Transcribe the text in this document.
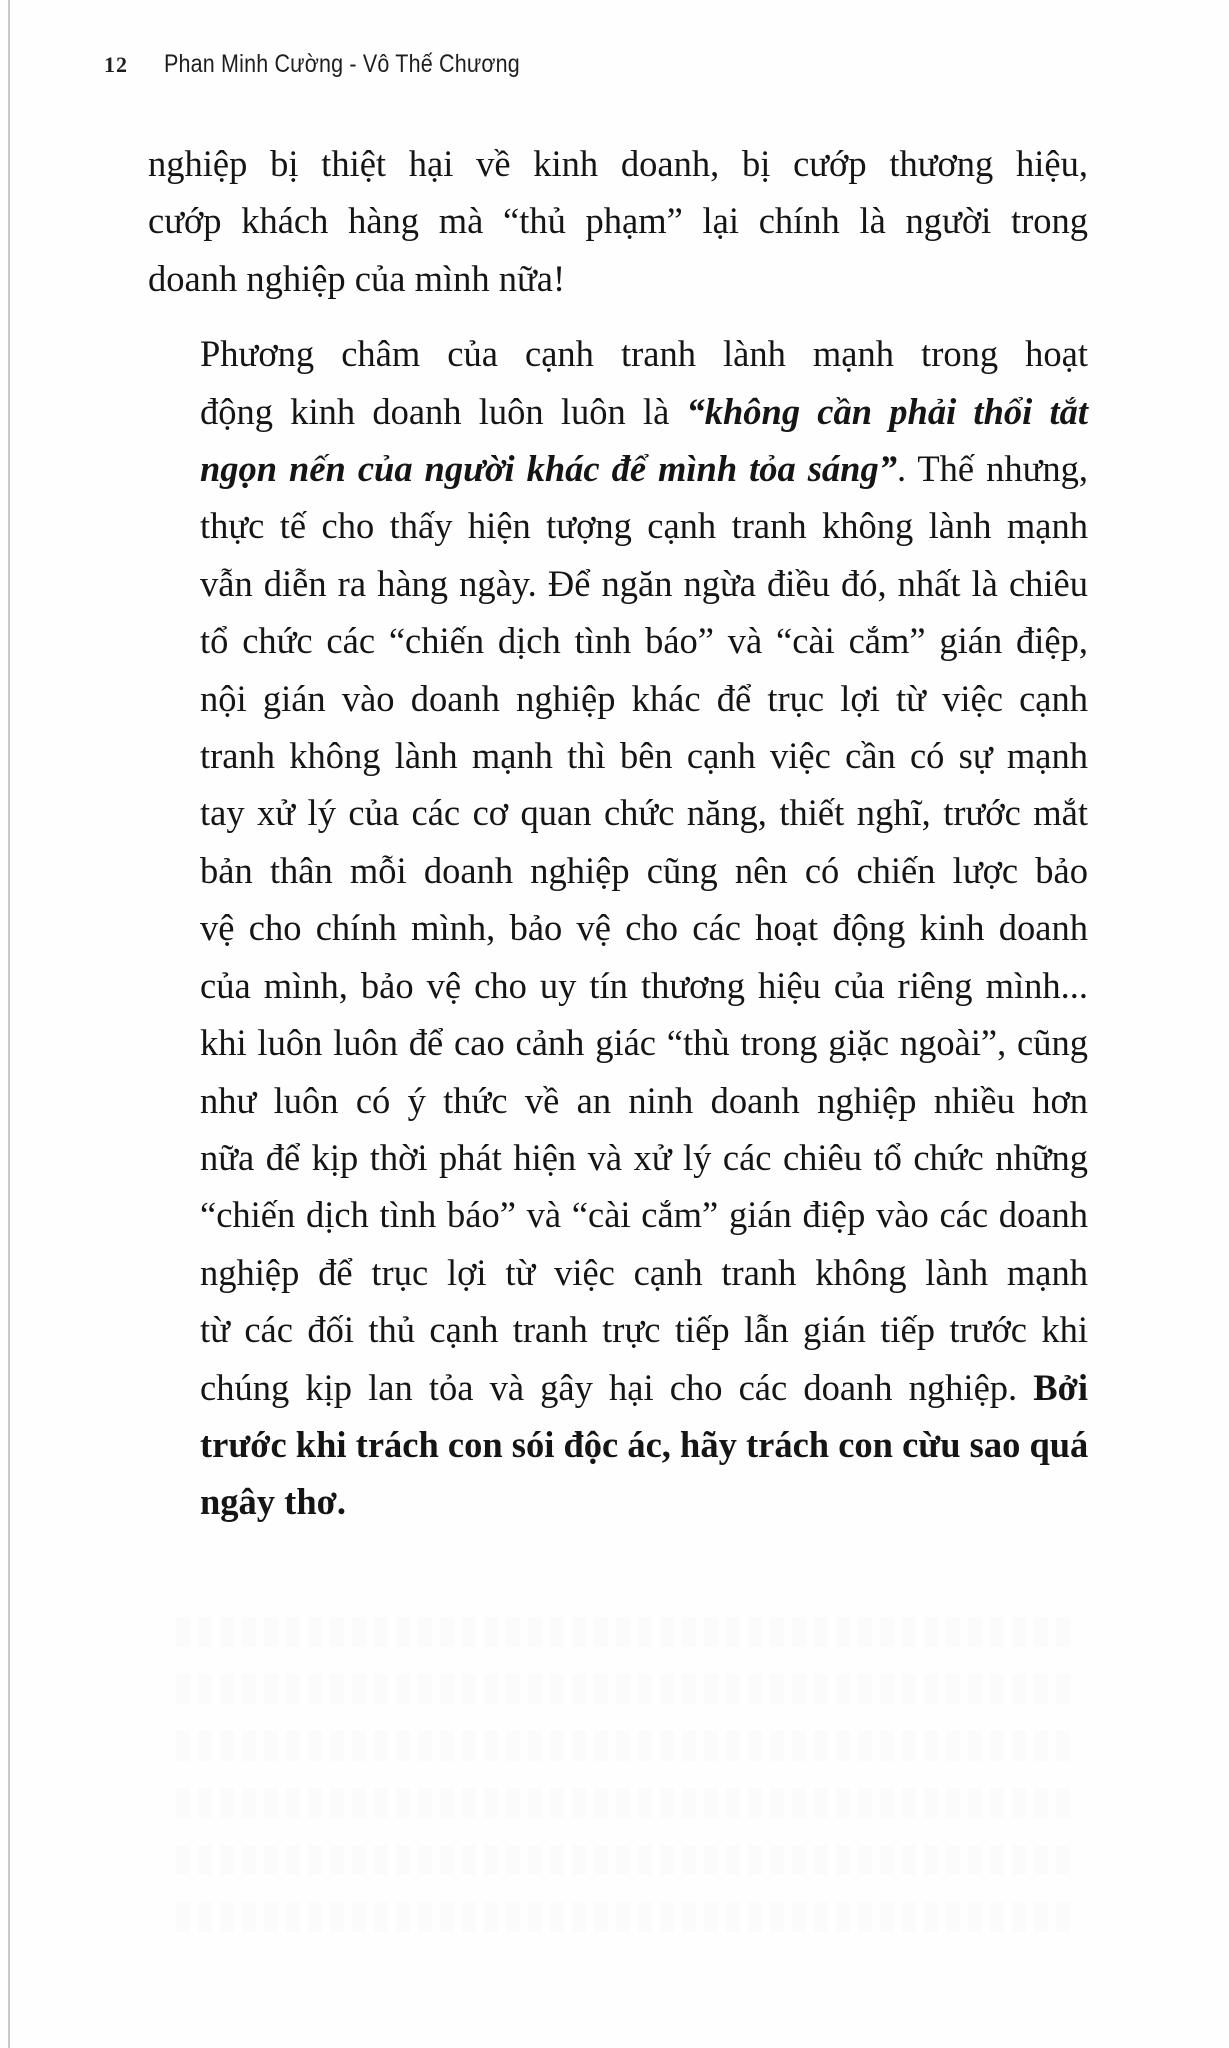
12	Phan Minh Cường - Vô Thế Chương

nghiệp bị thiệt hại về kinh doanh, bị cướp thương hiệu,
cướp khách hàng mà “thủ phạm” lại chính là người trong
doanh nghiệp của mình nữa!

Phương châm của cạnh tranh lành mạnh trong hoạt
động kinh doanh luôn luôn là “không cần phải thổi tắt
ngọn nến của người khác để mình tỏa sáng”. Thế nhưng,
thực tế cho thấy hiện tượng cạnh tranh không lành mạnh
vẫn diễn ra hàng ngày. Để ngăn ngừa điều đó, nhất là chiêu
tổ chức các “chiến dịch tình báo” và “cài cắm” gián điệp,
nội gián vào doanh nghiệp khác để trục lợi từ việc cạnh
tranh không lành mạnh thì bên cạnh việc cần có sự mạnh
tay xử lý của các cơ quan chức năng, thiết nghĩ, trước mắt
bản thân mỗi doanh nghiệp cũng nên có chiến lược bảo
vệ cho chính mình, bảo vệ cho các hoạt động kinh doanh
của mình, bảo vệ cho uy tín thương hiệu của riêng mình...
khi luôn luôn để cao cảnh giác “thù trong giặc ngoài”, cũng
như luôn có ý thức về an ninh doanh nghiệp nhiều hơn
nữa để kịp thời phát hiện và xử lý các chiêu tổ chức những
“chiến dịch tình báo” và “cài cắm” gián điệp vào các doanh
nghiệp để trục lợi từ việc cạnh tranh không lành mạnh
từ các đối thủ cạnh tranh trực tiếp lẫn gián tiếp trước khi
chúng kịp lan tỏa và gây hại cho các doanh nghiệp. Bởi
trước khi trách con sói độc ác, hãy trách con cừu sao quá
ngây thơ.
